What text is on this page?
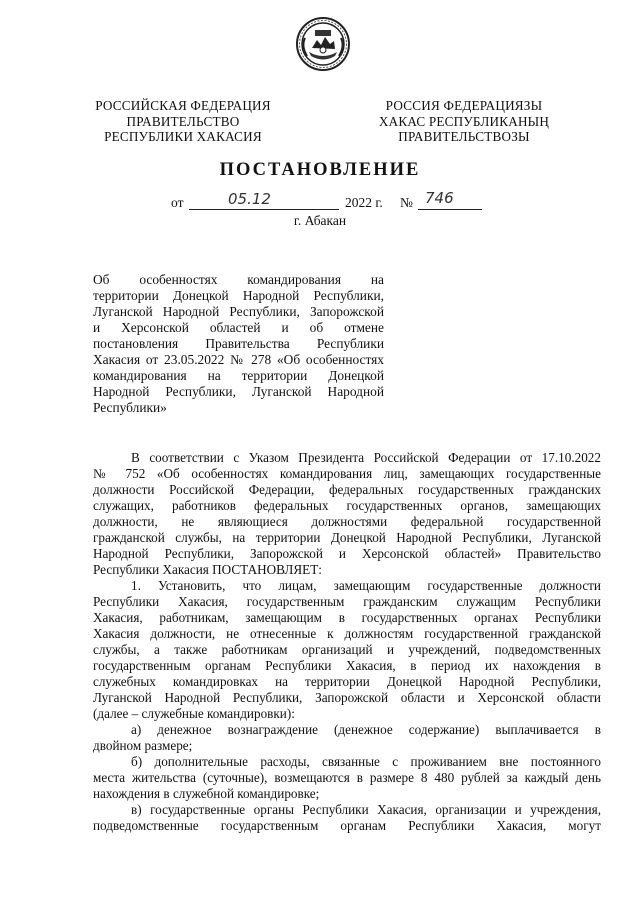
РОССИЙСКАЯ ФЕДЕРАЦИЯ
ПРАВИТЕЛЬСТВО
РЕСПУБЛИКИ ХАКАСИЯ
РОССИЯ ФЕДЕРАЦИЯЗЫ
ХАКАС РЕСПУБЛИКАНЫҢ
ПРАВИТЕЛЬСТВОЗЫ
ПОСТАНОВЛЕНИЕ
от	05.12	2022 г. № 746
г. Абакан
Об особенностях командирования на
территории Донецкой Народной Республики,
Луганской Народной Республики, Запорожской
и Херсонской областей и об отмене
постановления Правительства Республики
Хакасия от 23.05.2022 № 278 «Об особенностях
командирования на территории Донецкой
Народной Республики, Луганской Народной
Республики»
В соответствии с Указом Президента Российской Федерации от 17.10.2022
№ 752 «Об особенностях командирования лиц, замещающих государственные
должности Российской Федерации, федеральных государственных гражданских
служащих, работников федеральных государственных органов, замещающих
должности, не являющиеся должностями федеральной государственной
гражданской службы, на территории Донецкой Народной Республики, Луганской
Народной Республики, Запорожской и Херсонской областей» Правительство
Республики Хакасия ПОСТАНОВЛЯЕТ:
1. Установить, что лицам, замещающим государственные должности
Республики Хакасия, государственным гражданским служащим Республики
Хакасия, работникам, замещающим в государственных органах Республики
Хакасия должности, не отнесенные к должностям государственной гражданской
службы, а также работникам организаций и учреждений, подведомственных
государственным органам Республики Хакасия, в период их нахождения в
служебных командировках на территории Донецкой Народной Республики,
Луганской Народной Республики, Запорожской области и Херсонской области
(далее – служебные командировки):
а) денежное вознаграждение (денежное содержание) выплачивается в
двойном размере;
б) дополнительные расходы, связанные с проживанием вне постоянного
места жительства (суточные), возмещаются в размере 8 480 рублей за каждый день
нахождения в служебной командировке;
в) государственные органы Республики Хакасия, организации и учреждения,
подведомственные государственным органам Республики Хакасия, могут
